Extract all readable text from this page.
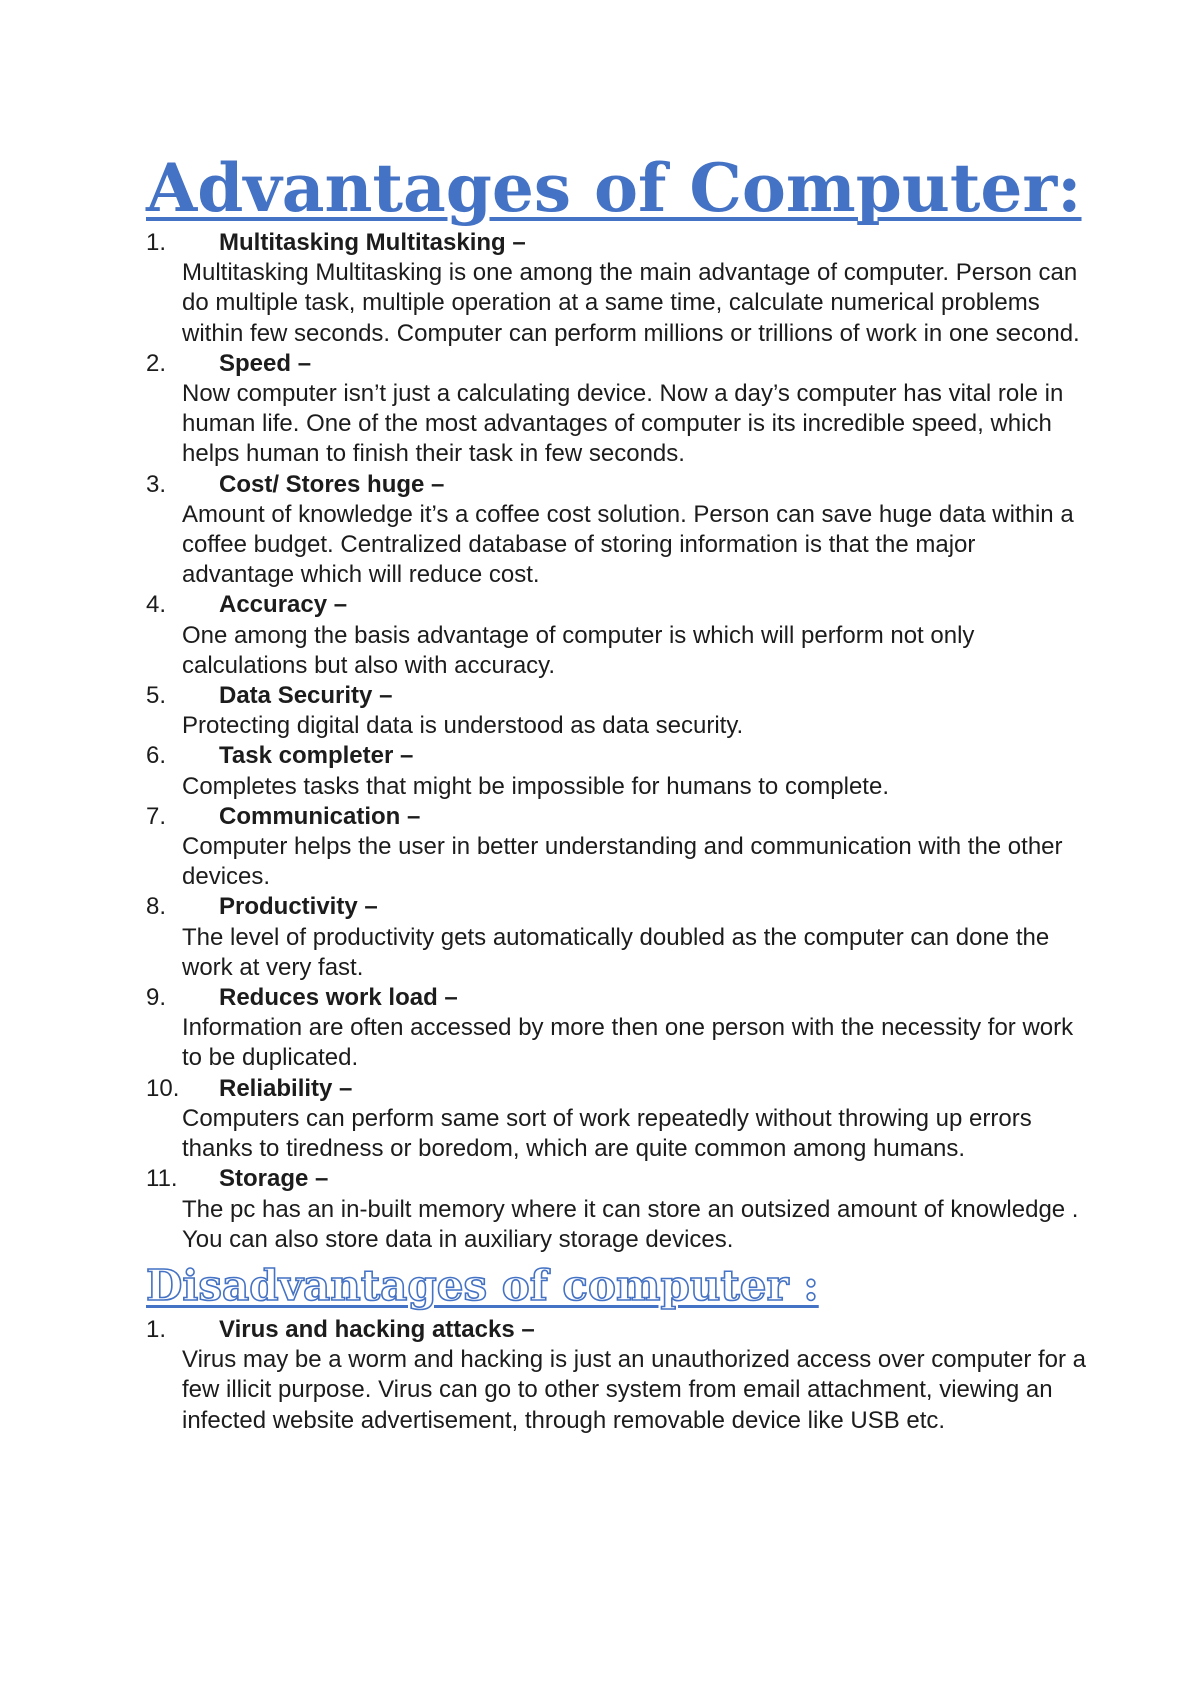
Advantages of Computer:
1.	Multitasking Multitasking –
Multitasking Multitasking is one among the main advantage of computer. Person can do multiple task, multiple operation at a same time, calculate numerical problems within few seconds. Computer can perform millions or trillions of work in one second.
2.	Speed –
Now computer isn’t just a calculating device. Now a day’s computer has vital role in human life. One of the most advantages of computer is its incredible speed, which helps human to finish their task in few seconds.
3.	Cost/ Stores huge –
Amount of knowledge it’s a coffee cost solution. Person can save huge data within a coffee budget. Centralized database of storing information is that the major advantage which will reduce cost.
4.	Accuracy –
One among the basis advantage of computer is which will perform not only calculations but also with accuracy.
5.	Data Security –
Protecting digital data is understood as data security.
6.	Task completer –
Completes tasks that might be impossible for humans to complete.
7.	Communication –
Computer helps the user in better understanding and communication with the other devices.
8.	Productivity –
The level of productivity gets automatically doubled as the computer can done the work at very fast.
9.	Reduces work load –
Information are often accessed by more then one person with the necessity for work to be duplicated.
10.	Reliability –
Computers can perform same sort of work repeatedly without throwing up errors thanks to tiredness or boredom, which are quite common among humans.
11.	Storage –
The pc has an in-built memory where it can store an outsized amount of knowledge . You can also store data in auxiliary storage devices.
Disadvantages of computer :
1.	Virus and hacking attacks –
Virus may be a worm and hacking is just an unauthorized access over computer for a few illicit purpose. Virus can go to other system from email attachment, viewing an infected website advertisement, through removable device like USB etc.
